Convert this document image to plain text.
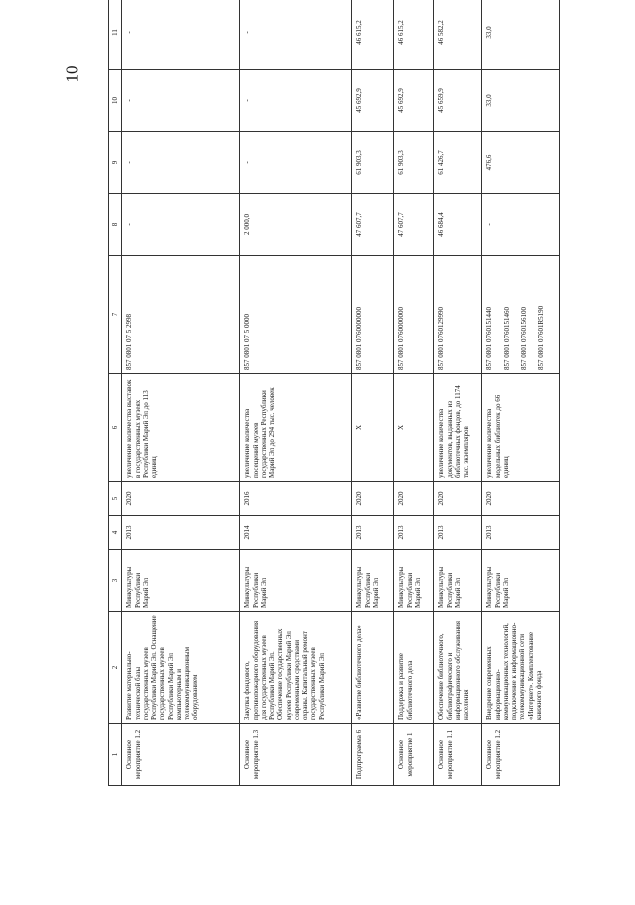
10
1	2	3	4	5	6	7	8	9	10	11
Основное мероприятие 1.2	Развитие материально-технической базы государственных музеев Республики Марий Эл. Оснащение государственных музеев Республики Марий Эл компьютерным и телекоммуникационным оборудованием	Минкультуры Республики Марий Эл	2013	2020	увеличение количества выставок в государственных музеях Республики Марий Эл до 113 единиц	857 0801 07 5 2998	-	-	-	-
Основное мероприятие 1.3	Закупка фондового, противопожарного оборудования для государственных музеев Республики Марий Эл. Обеспечение государственных музеев Республики Марий Эл современными средствами охраны. Капитальный ремонт государственных музеев Республики Марий Эл	Минкультуры Республики Марий Эл	2014	2016	увеличение количества посещений музеев государственных Республики Марий Эл до 294 тыс. человек	857 0801 07 5 0000	2 000,0	-	-	-
Подпрограмма 6	«Развитие библиотечного дела»	Минкультуры Республики Марий Эл	2013	2020	X	857 0801 0760000000	47 607,7	61 903,3	45 692,9	46 615,2
Основное мероприятие 1	Поддержка и развитие библиотечного дела	Минкультуры Республики Марий Эл	2013	2020	X	857 0801 0760000000	47 607,7	61 903,3	45 692,9	46 615,2
Основное мероприятие 1.1	Обеспечение библиотечного, библиографического и информационного обслуживания населения	Минкультуры Республики Марий Эл	2013	2020	увеличение количества документов, выданных из библиотечных фондов, до 1174 тыс. экземпляров	857 0801 0760129990	46 684,4	61 426,7	45 659,9	46 582,2
Основное мероприятие 1.2	Внедрение современных информационно-коммуникационных технологий, подключение к информационно-телекоммуникационной сети «Интернет». Комплектование книжного фонда	Минкультуры Республики Марий Эл	2013	2020	увеличение количества модельных библиотек до 66 единиц	857 0801 0760151440 857 0801 0760151460 857 0801 0760156100 857 0801 07601R5190	-	476,6	33,0	33,0
